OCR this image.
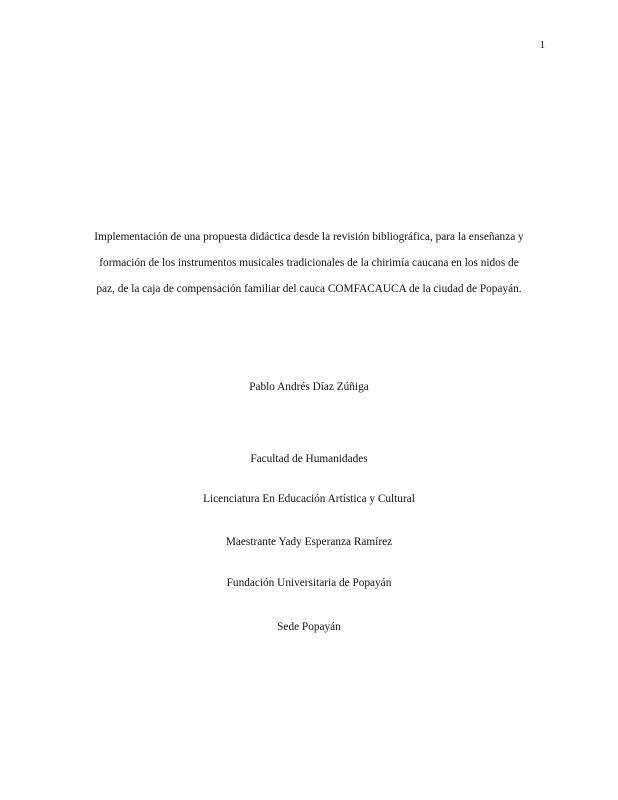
1
Implementación de una propuesta didáctica desde la revisión bibliográfica, para la enseñanza y
formación de los instrumentos musicales tradicionales de la chirimía caucana en los nidos de
paz, de la caja de compensación familiar del cauca COMFACAUCA de la ciudad de Popayán.
Pablo Andrés Díaz Zúñiga
Facultad de Humanidades
Licenciatura En Educación Artística y Cultural
Maestrante Yady Esperanza Ramírez
Fundación Universitaria de Popayán
Sede Popayán
